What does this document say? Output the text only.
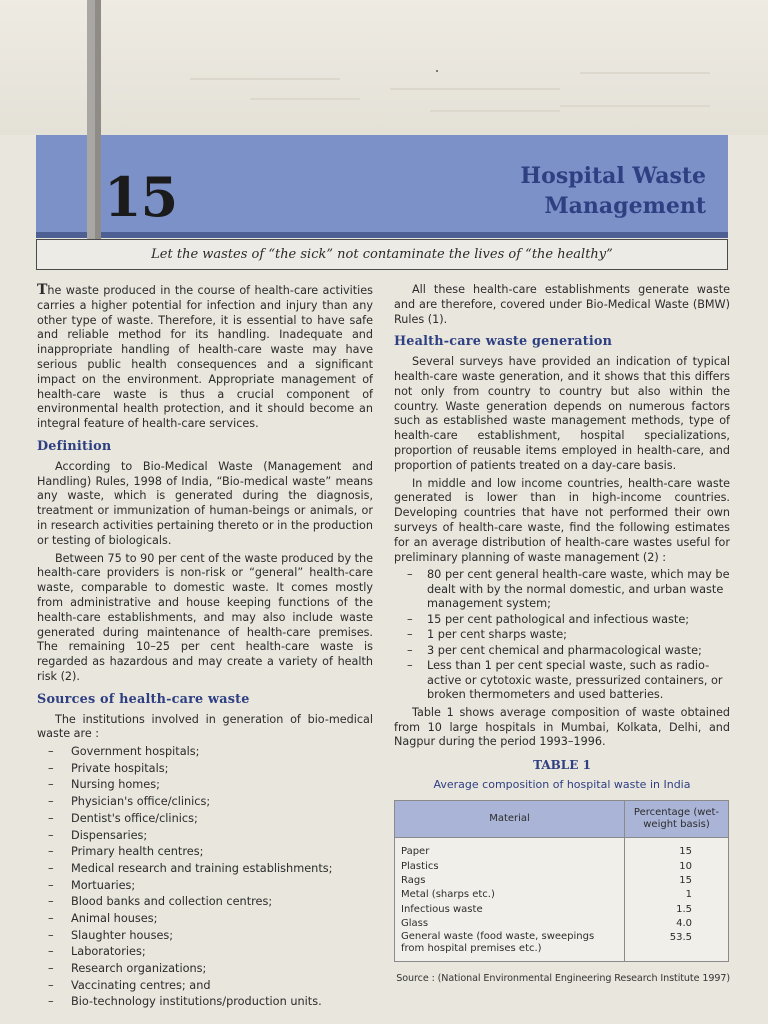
15	Hospital Waste
Management
Let the wastes of “the sick” not contaminate the lives of “the healthy”

The waste produced in the course of health-care activities carries a higher potential for infection and injury than any other type of waste. Therefore, it is essential to have safe and reliable method for its handling. Inadequate and inappropriate handling of health-care waste may have serious public health consequences and a significant impact on the environment. Appropriate management of health-care waste is thus a crucial component of environmental health protection, and it should become an integral feature of health-care services.

Definition

According to Bio-Medical Waste (Management and Handling) Rules, 1998 of India, “Bio-medical waste” means any waste, which is generated during the diagnosis, treatment or immunization of human-beings or animals, or in research activities pertaining thereto or in the production or testing of biologicals.

Between 75 to 90 per cent of the waste produced by the health-care providers is non-risk or “general” health-care waste, comparable to domestic waste. It comes mostly from administrative and house keeping functions of the health-care establishments, and may also include waste generated during maintenance of health-care premises. The remaining 10–25 per cent health-care waste is regarded as hazardous and may create a variety of health risk (2).

Sources of health-care waste

The institutions involved in generation of bio-medical waste are :

– Government hospitals;
– Private hospitals;
– Nursing homes;
– Physician's office/clinics;
– Dentist's office/clinics;
– Dispensaries;
– Primary health centres;
– Medical research and training establishments;
– Mortuaries;
– Blood banks and collection centres;
– Animal houses;
– Slaughter houses;
– Laboratories;
– Research organizations;
– Vaccinating centres; and
– Bio-technology institutions/production units.

All these health-care establishments generate waste and are therefore, covered under Bio-Medical Waste (BMW) Rules (1).

Health-care waste generation

Several surveys have provided an indication of typical health-care waste generation, and it shows that this differs not only from country to country but also within the country. Waste generation depends on numerous factors such as established waste management methods, type of health-care establishment, hospital specializations, proportion of reusable items employed in health-care, and proportion of patients treated on a day-care basis.

In middle and low income countries, health-care waste generated is lower than in high-income countries. Developing countries that have not performed their own surveys of health-care waste, find the following estimates for an average distribution of health-care wastes useful for preliminary planning of waste management (2) :

– 80 per cent general health-care waste, which may be dealt with by the normal domestic, and urban waste management system;
– 15 per cent pathological and infectious waste;
– 1 per cent sharps waste;
– 3 per cent chemical and pharmacological waste;
– Less than 1 per cent special waste, such as radio-active or cytotoxic waste, pressurized containers, or broken thermometers and used batteries.

Table 1 shows average composition of waste obtained from 10 large hospitals in Mumbai, Kolkata, Delhi, and Nagpur during the period 1993–1996.

TABLE 1
Average composition of hospital waste in India
Material	Percentage (wet-weight basis)

Paper	15
Plastics	10
Rags	15
Metal (sharps etc.)	1
Infectious waste	1.5
Glass	4.0
General waste (food waste, sweepings from hospital premises etc.)	53.5
Source : (National Environmental Engineering Research Institute 1997)
